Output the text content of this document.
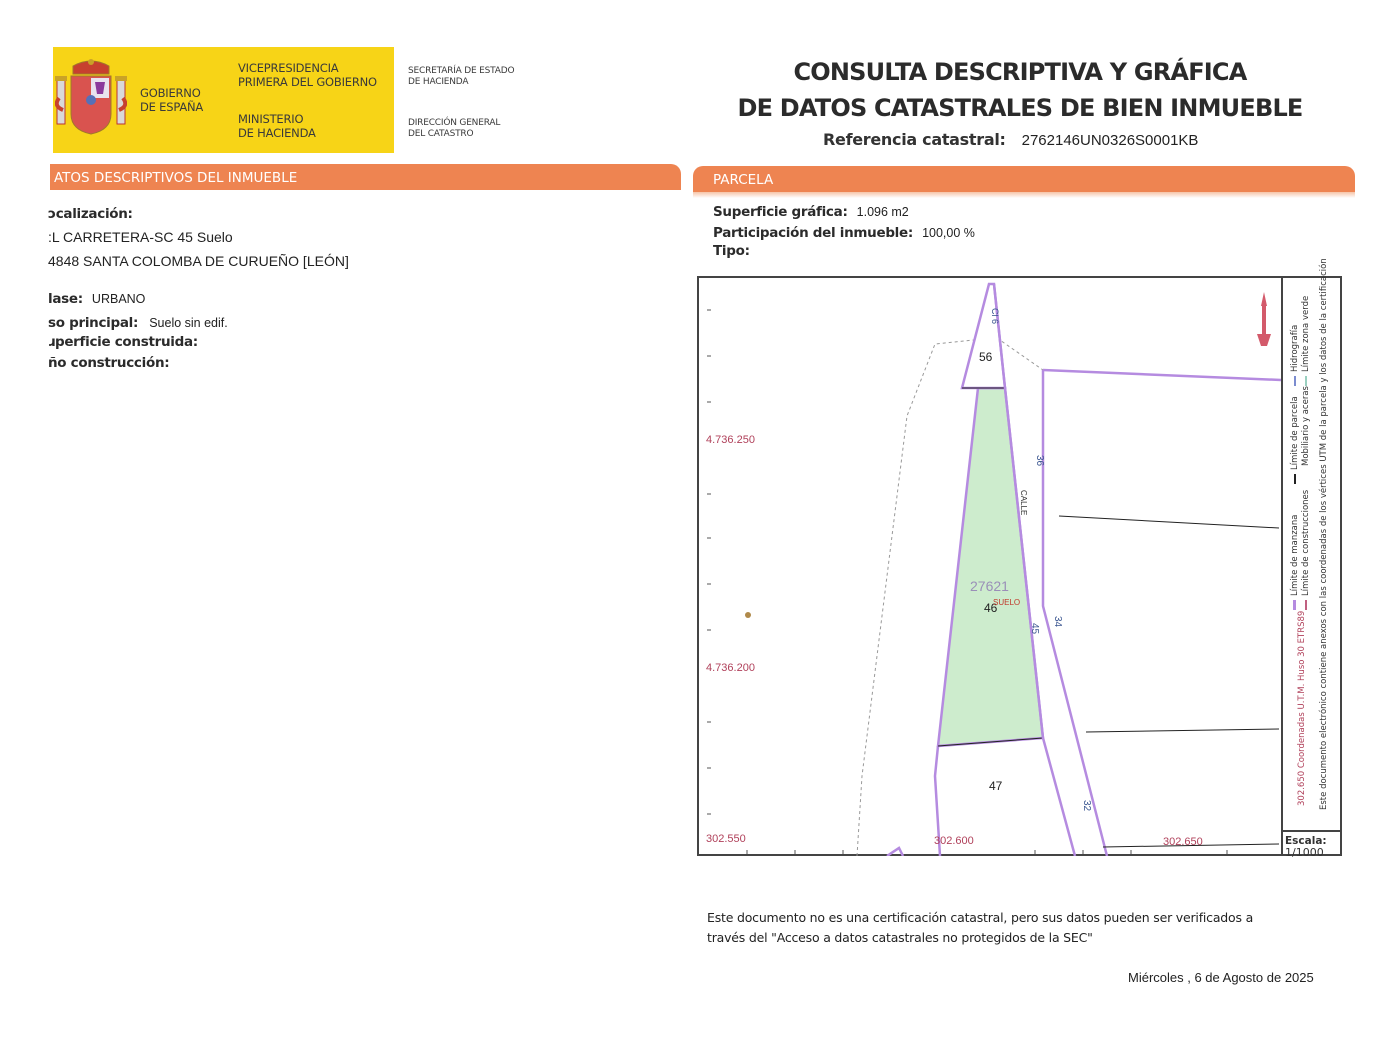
GOBIERNO
DE ESPAÑA
VICEPRESIDENCIA
PRIMERA DEL GOBIERNO
MINISTERIO
DE HACIENDA
SECRETARÍA DE ESTADO
DE HACIENDA
DIRECCIÓN GENERAL
DEL CATASTRO
CONSULTA DESCRIPTIVA Y GRÁFICA
DE DATOS CATASTRALES DE BIEN INMUEBLE
Referencia catastral: 2762146UN0326S0001KB
ATOS DESCRIPTIVOS DEL INMUEBLE
ɔcalización:
:L CARRETERA-SC 45 Suelo
4848 SANTA COLOMBA DE CURUEÑO [LEÓN]
lase: URBANO
so principal: Suelo sin edif.
ɹperficie construida:
ño construcción:
PARCELA
Superficie gráfica: 1.096 m2
Participación del inmueble: 100,00 %
Tipo:
4.736.250
4.736.200
302.550	302.600	302.650
56
46
47
27621
SUELO
CALLE
Cl 6
36
45
34
32
Límite de manzana Límite de construcciones
Límite de parcela Mobiliario y aceras
Hidrografía Límite zona verde
302.650 Coordenadas U.T.M. Huso 30 ETRS89 Este documento electrónico contiene anexos con las coordenadas de los vértices UTM de la parcela y los datos de la certificación
Escala:
1/1000
Este documento no es una certificación catastral, pero sus datos pueden ser verificados a
través del "Acceso a datos catastrales no protegidos de la SEC"
Miércoles , 6 de Agosto de 2025
